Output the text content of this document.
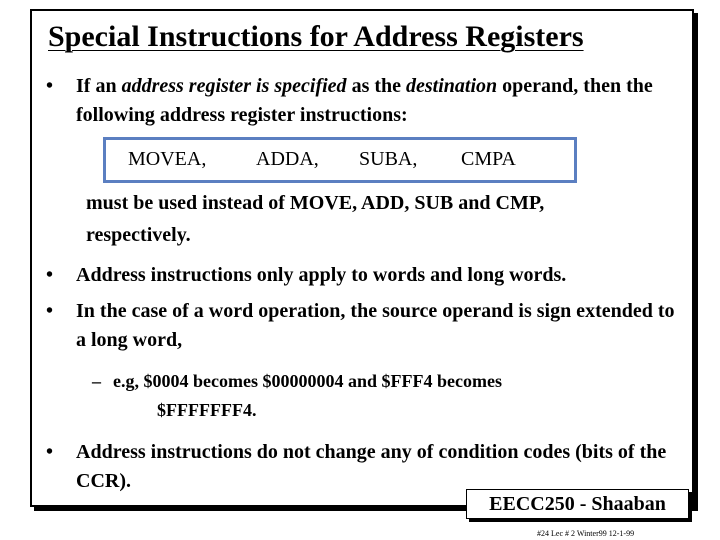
Special Instructions for Address Registers
• If an address register is specified as the destination operand, then the following address register instructions:
MOVEA, ADDA, SUBA, CMPA
must be used instead of MOVE, ADD, SUB and CMP,
respectively.
• Address instructions only apply to words and long words.
• In the case of a word operation, the source operand is sign extended to a long word,
– e.g, $0004 becomes $00000004 and $FFF4 becomes
$FFFFFFF4.
• Address instructions do not change any of condition codes (bits of the CCR).
EECC250 - Shaaban
#24 Lec # 2 Winter99 12-1-99
